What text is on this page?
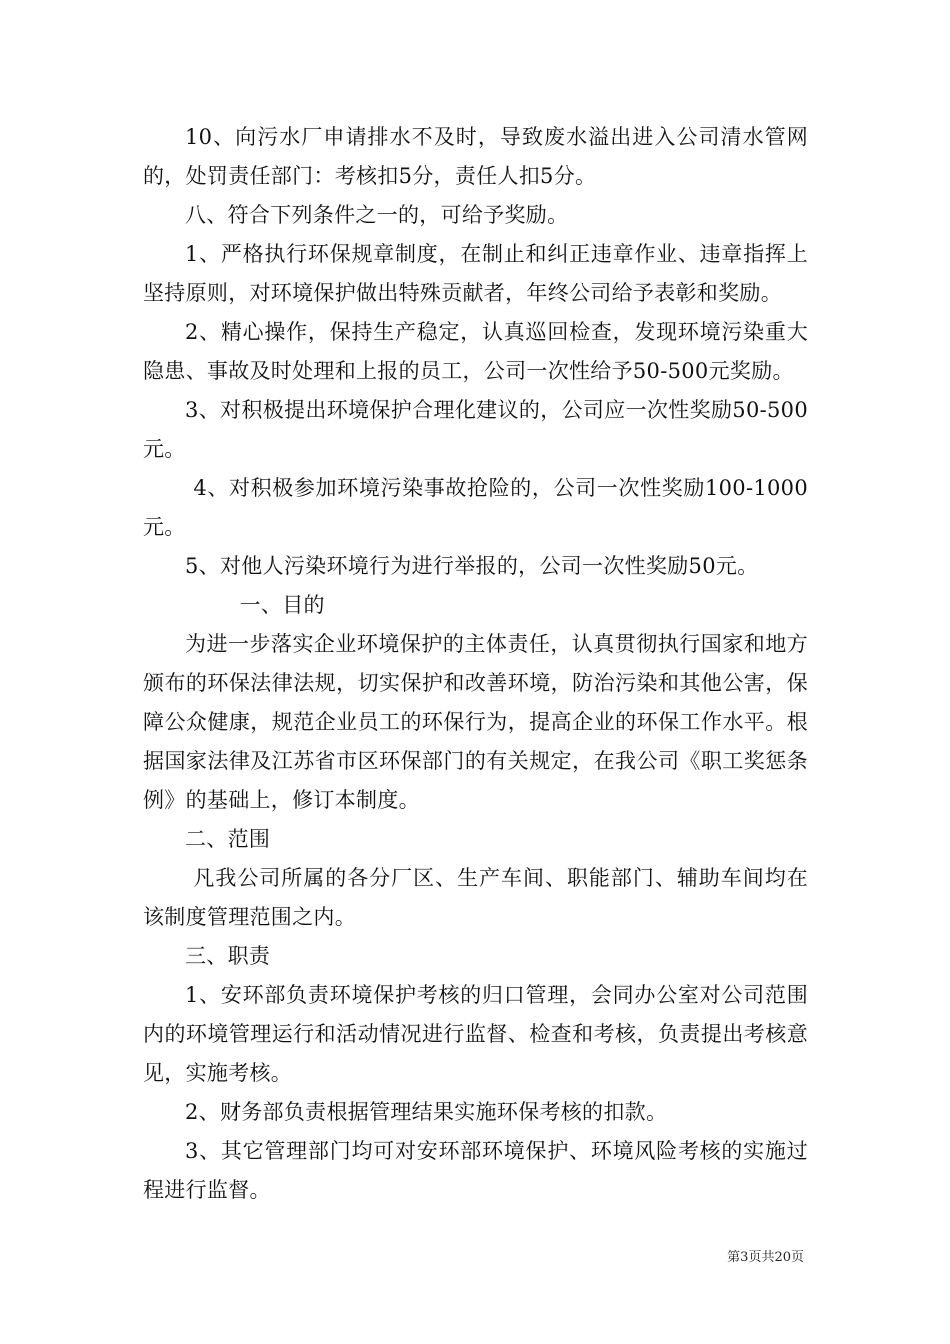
10、向污水厂申请排水不及时，导致废水溢出进入公司清水管网的，处罚责任部门：考核扣5分，责任人扣5分。

八、符合下列条件之一的，可给予奖励。

1、严格执行环保规章制度，在制止和纠正违章作业、违章指挥上坚持原则，对环境保护做出特殊贡献者，年终公司给予表彰和奖励。

2、精心操作，保持生产稳定，认真巡回检查，发现环境污染重大隐患、事故及时处理和上报的员工，公司一次性给予50-500元奖励。

3、对积极提出环境保护合理化建议的，公司应一次性奖励50-500元。

4、对积极参加环境污染事故抢险的，公司一次性奖励100-1000元。

5、对他人污染环境行为进行举报的，公司一次性奖励50元。

一、目的

为进一步落实企业环境保护的主体责任，认真贯彻执行国家和地方颁布的环保法律法规，切实保护和改善环境，防治污染和其他公害，保障公众健康，规范企业员工的环保行为，提高企业的环保工作水平。根据国家法律及江苏省市区环保部门的有关规定，在我公司《职工奖惩条例》的基础上，修订本制度。

二、范围

凡我公司所属的各分厂区、生产车间、职能部门、辅助车间均在该制度管理范围之内。

三、职责

1、安环部负责环境保护考核的归口管理，会同办公室对公司范围内的环境管理运行和活动情况进行监督、检查和考核，负责提出考核意见，实施考核。

2、财务部负责根据管理结果实施环保考核的扣款。

3、其它管理部门均可对安环部环境保护、环境风险考核的实施过程进行监督。

第3页共20页
